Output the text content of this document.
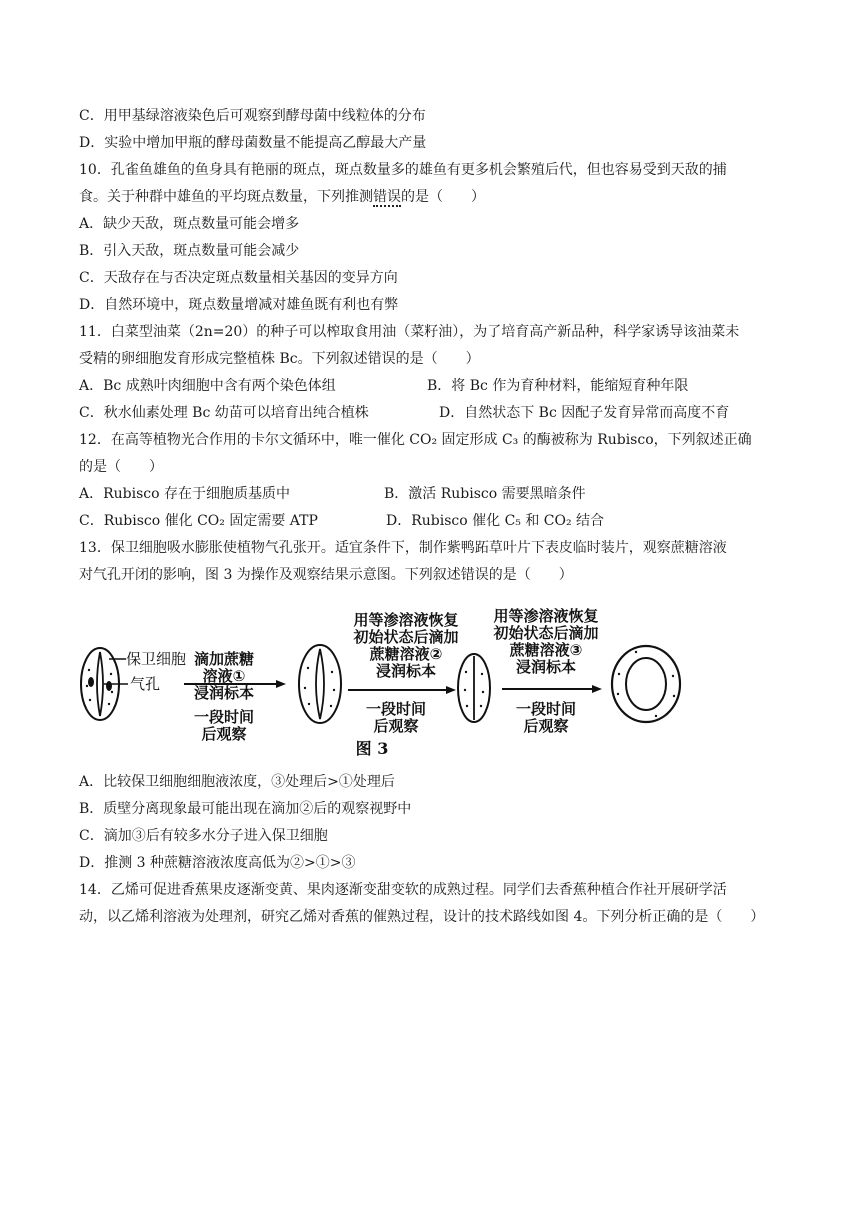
C．用甲基绿溶液染色后可观察到酵母菌中线粒体的分布
D．实验中增加甲瓶的酵母菌数量不能提高乙醇最大产量
10．孔雀鱼雄鱼的鱼身具有艳丽的斑点，斑点数量多的雄鱼有更多机会繁殖后代，但也容易受到天敌的捕
食。关于种群中雄鱼的平均斑点数量，下列推测错误的是（　　）
A．缺少天敌，斑点数量可能会增多
B．引入天敌，斑点数量可能会减少
C．天敌存在与否决定斑点数量相关基因的变异方向
D．自然环境中，斑点数量增减对雄鱼既有利也有弊
11．白菜型油菜（2n=20）的种子可以榨取食用油（菜籽油），为了培育高产新品种，科学家诱导该油菜未
受精的卵细胞发育形成完整植株 Bc。下列叙述错误的是（　　）
A．Bc 成熟叶肉细胞中含有两个染色体组	B．将 Bc 作为育种材料，能缩短育种年限
C．秋水仙素处理 Bc 幼苗可以培育出纯合植株	D．自然状态下 Bc 因配子发育异常而高度不育
12．在高等植物光合作用的卡尔文循环中，唯一催化 CO₂ 固定形成 C₃ 的酶被称为 Rubisco，下列叙述正确
的是（　　）
A．Rubisco 存在于细胞质基质中	B．激活 Rubisco 需要黑暗条件
C．Rubisco 催化 CO₂ 固定需要 ATP	D．Rubisco 催化 C₅ 和 CO₂ 结合
13．保卫细胞吸水膨胀使植物气孔张开。适宜条件下，制作紫鸭跖草叶片下表皮临时装片，观察蔗糖溶液
对气孔开闭的影响，图 3 为操作及观察结果示意图。下列叙述错误的是（　　）
保卫细胞
气孔
滴加蔗糖
溶液①
浸润标本
一段时间
后观察
用等渗溶液恢复
初始状态后滴加
蔗糖溶液②
浸润标本
一段时间
后观察
用等渗溶液恢复
初始状态后滴加
蔗糖溶液③
浸润标本
一段时间
后观察
图 3
A．比较保卫细胞细胞液浓度，③处理后>①处理后
B．质壁分离现象最可能出现在滴加②后的观察视野中
C．滴加③后有较多水分子进入保卫细胞
D．推测 3 种蔗糖溶液浓度高低为②>①>③
14．乙烯可促进香蕉果皮逐渐变黄、果肉逐渐变甜变软的成熟过程。同学们去香蕉种植合作社开展研学活
动，以乙烯利溶液为处理剂，研究乙烯对香蕉的催熟过程，设计的技术路线如图 4。下列分析正确的是（　　）
